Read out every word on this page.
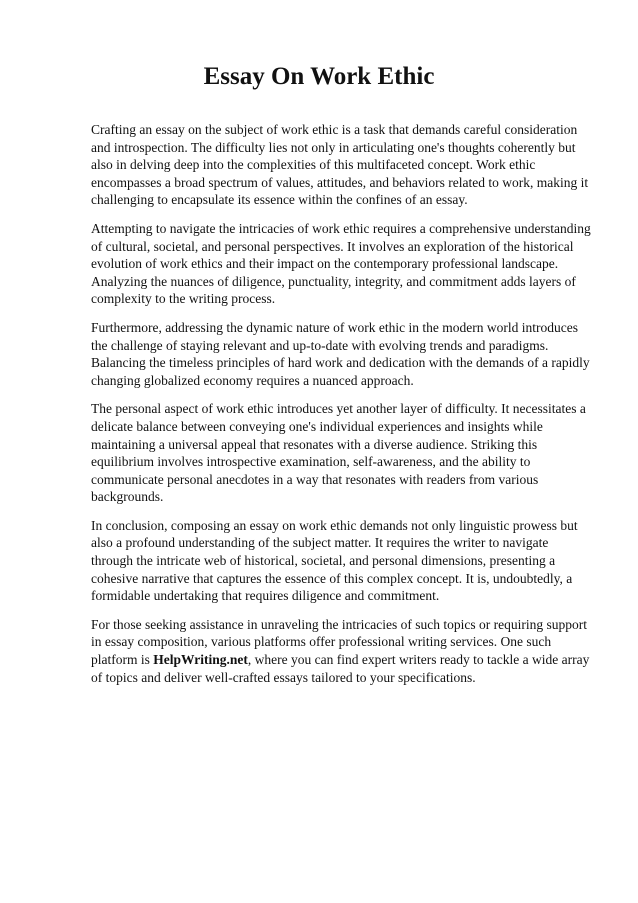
Essay On Work Ethic

Crafting an essay on the subject of work ethic is a task that demands careful consideration and introspection. The difficulty lies not only in articulating one's thoughts coherently but also in delving deep into the complexities of this multifaceted concept. Work ethic encompasses a broad spectrum of values, attitudes, and behaviors related to work, making it challenging to encapsulate its essence within the confines of an essay.

Attempting to navigate the intricacies of work ethic requires a comprehensive understanding of cultural, societal, and personal perspectives. It involves an exploration of the historical evolution of work ethics and their impact on the contemporary professional landscape. Analyzing the nuances of diligence, punctuality, integrity, and commitment adds layers of complexity to the writing process.

Furthermore, addressing the dynamic nature of work ethic in the modern world introduces the challenge of staying relevant and up-to-date with evolving trends and paradigms. Balancing the timeless principles of hard work and dedication with the demands of a rapidly changing globalized economy requires a nuanced approach.

The personal aspect of work ethic introduces yet another layer of difficulty. It necessitates a delicate balance between conveying one's individual experiences and insights while maintaining a universal appeal that resonates with a diverse audience. Striking this equilibrium involves introspective examination, self-awareness, and the ability to communicate personal anecdotes in a way that resonates with readers from various backgrounds.

In conclusion, composing an essay on work ethic demands not only linguistic prowess but also a profound understanding of the subject matter. It requires the writer to navigate through the intricate web of historical, societal, and personal dimensions, presenting a cohesive narrative that captures the essence of this complex concept. It is, undoubtedly, a formidable undertaking that requires diligence and commitment.

For those seeking assistance in unraveling the intricacies of such topics or requiring support in essay composition, various platforms offer professional writing services. One such platform is HelpWriting.net, where you can find expert writers ready to tackle a wide array of topics and deliver well-crafted essays tailored to your specifications.
